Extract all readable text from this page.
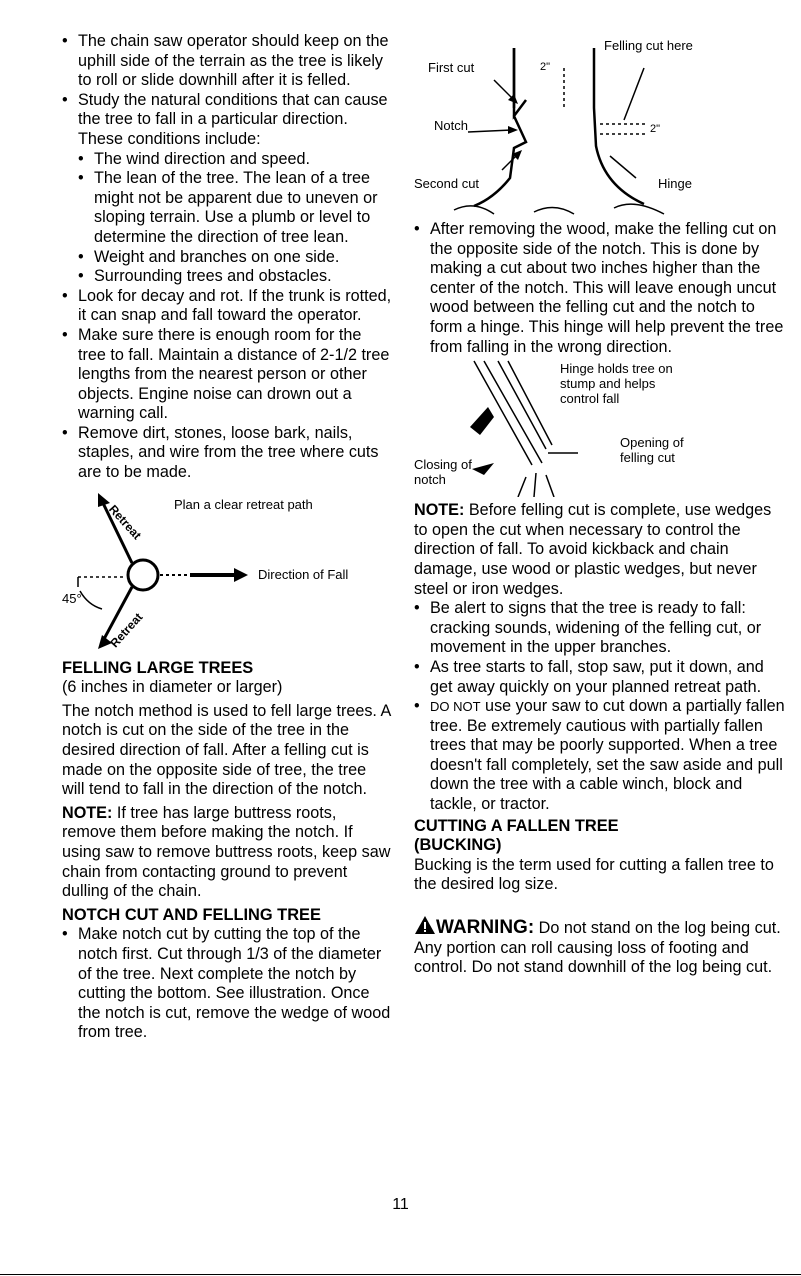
• The chain saw operator should keep on the uphill side of the terrain as the tree is likely to roll or slide downhill after it is felled.
• Study the natural conditions that can cause the tree to fall in a particular direction. These conditions include:
• The wind direction and speed.
• The lean of the tree. The lean of a tree might not be apparent due to uneven or sloping terrain. Use a plumb or level to determine the direction of tree lean.
• Weight and branches on one side.
• Surrounding trees and obstacles.
• Look for decay and rot. If the trunk is rotted, it can snap and fall toward the operator.
• Make sure there is enough room for the tree to fall. Maintain a distance of 2-1/2 tree lengths from the nearest person or other objects. Engine noise can drown out a warning call.
• Remove dirt, stones, loose bark, nails, staples, and wire from the tree where cuts are to be made.
Plan a clear retreat path
Direction of Fall
45°
Retreat
Retreat
FELLING LARGE TREES

(6 inches in diameter or larger)

The notch method is used to fell large trees. A notch is cut on the side of the tree in the desired direction of fall. After a felling cut is made on the opposite side of tree, the tree will tend to fall in the direction of the notch.

NOTE: If tree has large buttress roots, remove them before making the notch. If using saw to remove buttress roots, keep saw chain from contacting ground to prevent dulling of the chain.

NOTCH CUT AND FELLING TREE
• Make notch cut by cutting the top of the notch first. Cut through 1/3 of the diameter of the tree. Next complete the notch by cutting the bottom. See illustration. Once the notch is cut, remove the wedge of wood from tree.
Felling cut here
First cut	2"
Notch	2"
Second cut	Hinge
• After removing the wood, make the felling cut on the opposite side of the notch. This is done by making a cut about two inches higher than the center of the notch. This will leave enough uncut wood between the felling cut and the notch to form a hinge. This hinge will help prevent the tree from falling in the wrong direction.
Hinge holds tree on stump and helps control fall
Opening of felling cut
Closing of notch

NOTE: Before felling cut is complete, use wedges to open the cut when necessary to control the direction of fall. To avoid kickback and chain damage, use wood or plastic wedges, but never steel or iron wedges.

• Be alert to signs that the tree is ready to fall: cracking sounds, widening of the felling cut, or movement in the upper branches.
• As tree starts to fall, stop saw, put it down, and get away quickly on your planned retreat path.
• DO NOT use your saw to cut down a partially fallen tree. Be extremely cautious with partially fallen trees that may be poorly supported. When a tree doesn't fall completely, set the saw aside and pull down the tree with a cable winch, block and tackle, or tractor.
CUTTING A FALLEN TREE
(BUCKING)

Bucking is the term used for cutting a fallen tree to the desired log size.

WARNING: Do not stand on the log being cut. Any portion can roll causing loss of footing and control. Do not stand downhill of the log being cut.

11
